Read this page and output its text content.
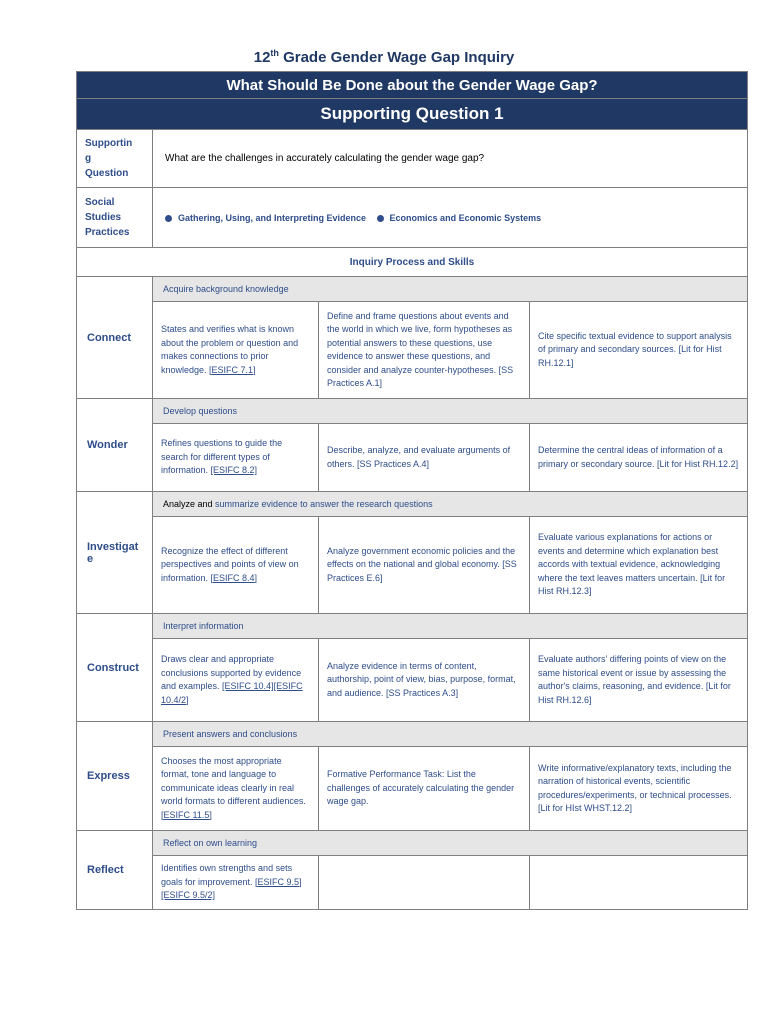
12th Grade Gender Wage Gap Inquiry
What Should Be Done about the Gender Wage Gap?			
Supporting Question 1			
Supportin
g
Question	What are the challenges in accurately calculating the gender wage gap?		
Social
Studies
Practices	Gathering, Using, and Interpreting Evidence Economics and Economic Systems		
Inquiry Process and Skills			
Connect	Acquire background knowledge		
	States and verifies what is known about the problem or question and makes connections to prior knowledge. [ESIFC 7.1]	Define and frame questions about events and the world in which we live, form hypotheses as potential answers to these questions, use evidence to answer these questions, and consider and analyze counter-hypotheses. [SS Practices A.1]	Cite specific textual evidence to support analysis of primary and secondary sources. [Lit for Hist RH.12.1]
Wonder	Develop questions		
	Refines questions to guide the search for different types of information. [ESIFC 8.2]	Describe, analyze, and evaluate arguments of others. [SS Practices A.4]	Determine the central ideas of information of a primary or secondary source. [Lit for Hist RH.12.2]
Investigat
e	Analyze and summarize evidence to answer the research questions		
	Recognize the effect of different perspectives and points of view on information. [ESIFC 8.4]	Analyze government economic policies and the effects on the national and global economy. [SS Practices E.6]	Evaluate various explanations for actions or events and determine which explanation best accords with textual evidence, acknowledging where the text leaves matters uncertain. [Lit for Hist RH.12.3]
Construct	Interpret information		
	Draws clear and appropriate conclusions supported by evidence and examples. [ESIFC 10.4][ESIFC 10.4/2]	Analyze evidence in terms of content, authorship, point of view, bias, purpose, format, and audience. [SS Practices A.3]	Evaluate authors' differing points of view on the same historical event or issue by assessing the author's claims, reasoning, and evidence. [Lit for Hist RH.12.6]
Express	Present answers and conclusions		
	Chooses the most appropriate format, tone and language to communicate ideas clearly in real world formats to different audiences. [ESIFC 11.5]	Formative Performance Task: List the challenges of accurately calculating the gender wage gap.	Write informative/explanatory texts, including the narration of historical events, scientific procedures/experiments, or technical processes. [Lit for HIst WHST.12.2]
Reflect	Reflect on own learning		
	Identifies own strengths and sets goals for improvement. [ESIFC 9.5] [ESIFC 9.5/2]		
